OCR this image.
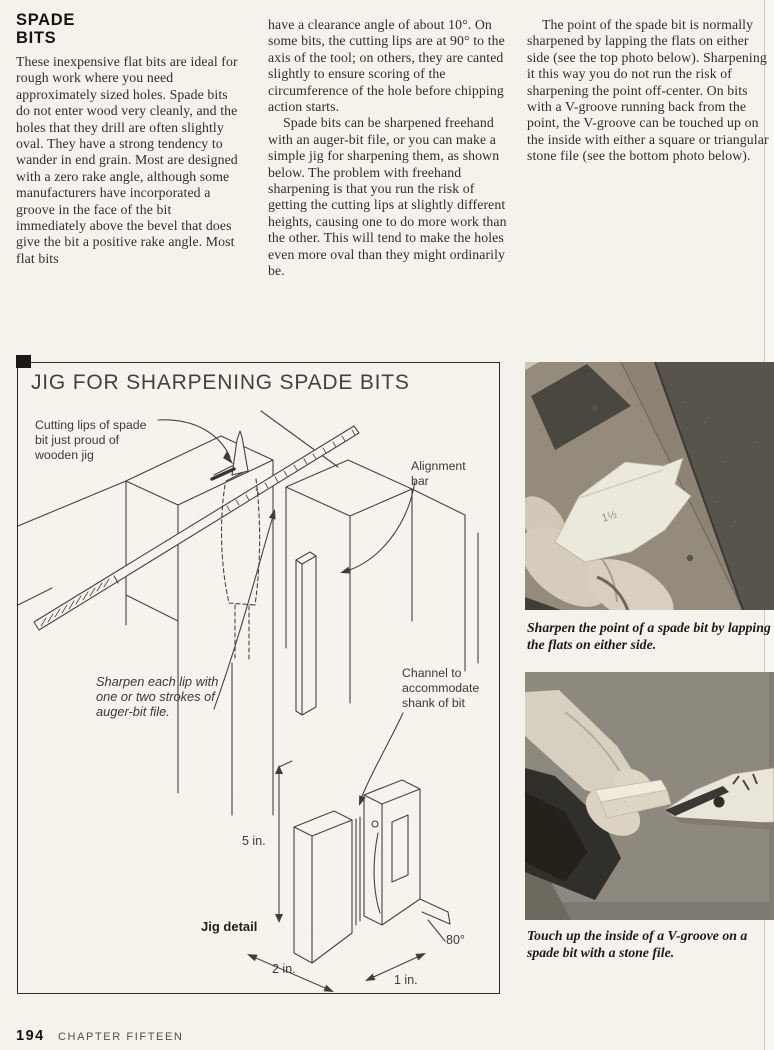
SPADE
BITS

These inexpensive flat bits are ideal for rough work where you need approximately sized holes. Spade bits do not enter wood very cleanly, and the holes that they drill are often slightly oval. They have a strong tendency to wander in end grain. Most are designed with a zero rake angle, although some manufacturers have incorporated a groove in the face of the bit immediately above the bevel that does give the bit a positive rake angle. Most flat bits

have a clearance angle of about 10°. On some bits, the cutting lips are at 90° to the axis of the tool; on others, they are canted slightly to ensure scoring of the circumference of the hole before chipping action starts.

Spade bits can be sharpened freehand with an auger-bit file, or you can make a simple jig for sharpening them, as shown below. The problem with freehand sharpening is that you run the risk of getting the cutting lips at slightly different heights, causing one to do more work than the other. This will tend to make the holes even more oval than they might ordinarily be.

The point of the spade bit is normally sharpened by lapping the flats on either side (see the top photo below). Sharpening it this way you do not run the risk of sharpening the point off-center. On bits with a V-groove running back from the point, the V-groove can be touched up on the inside with either a square or triangular stone file (see the bottom photo below).

JIG FOR SHARPENING SPADE BITS
Cutting lips of spade
bit just proud of
wooden jig
Alignment
bar
Sharpen each lip with
one or two strokes of
auger-bit file.
Channel to
accommodate
shank of bit
Jig detail
5 in.
2 in.
1 in.
80°
1½
Sharpen the point of a spade bit by lapping the flats on either side.
Touch up the inside of a V-groove on a spade bit with a stone file.
194 CHAPTER FIFTEEN
